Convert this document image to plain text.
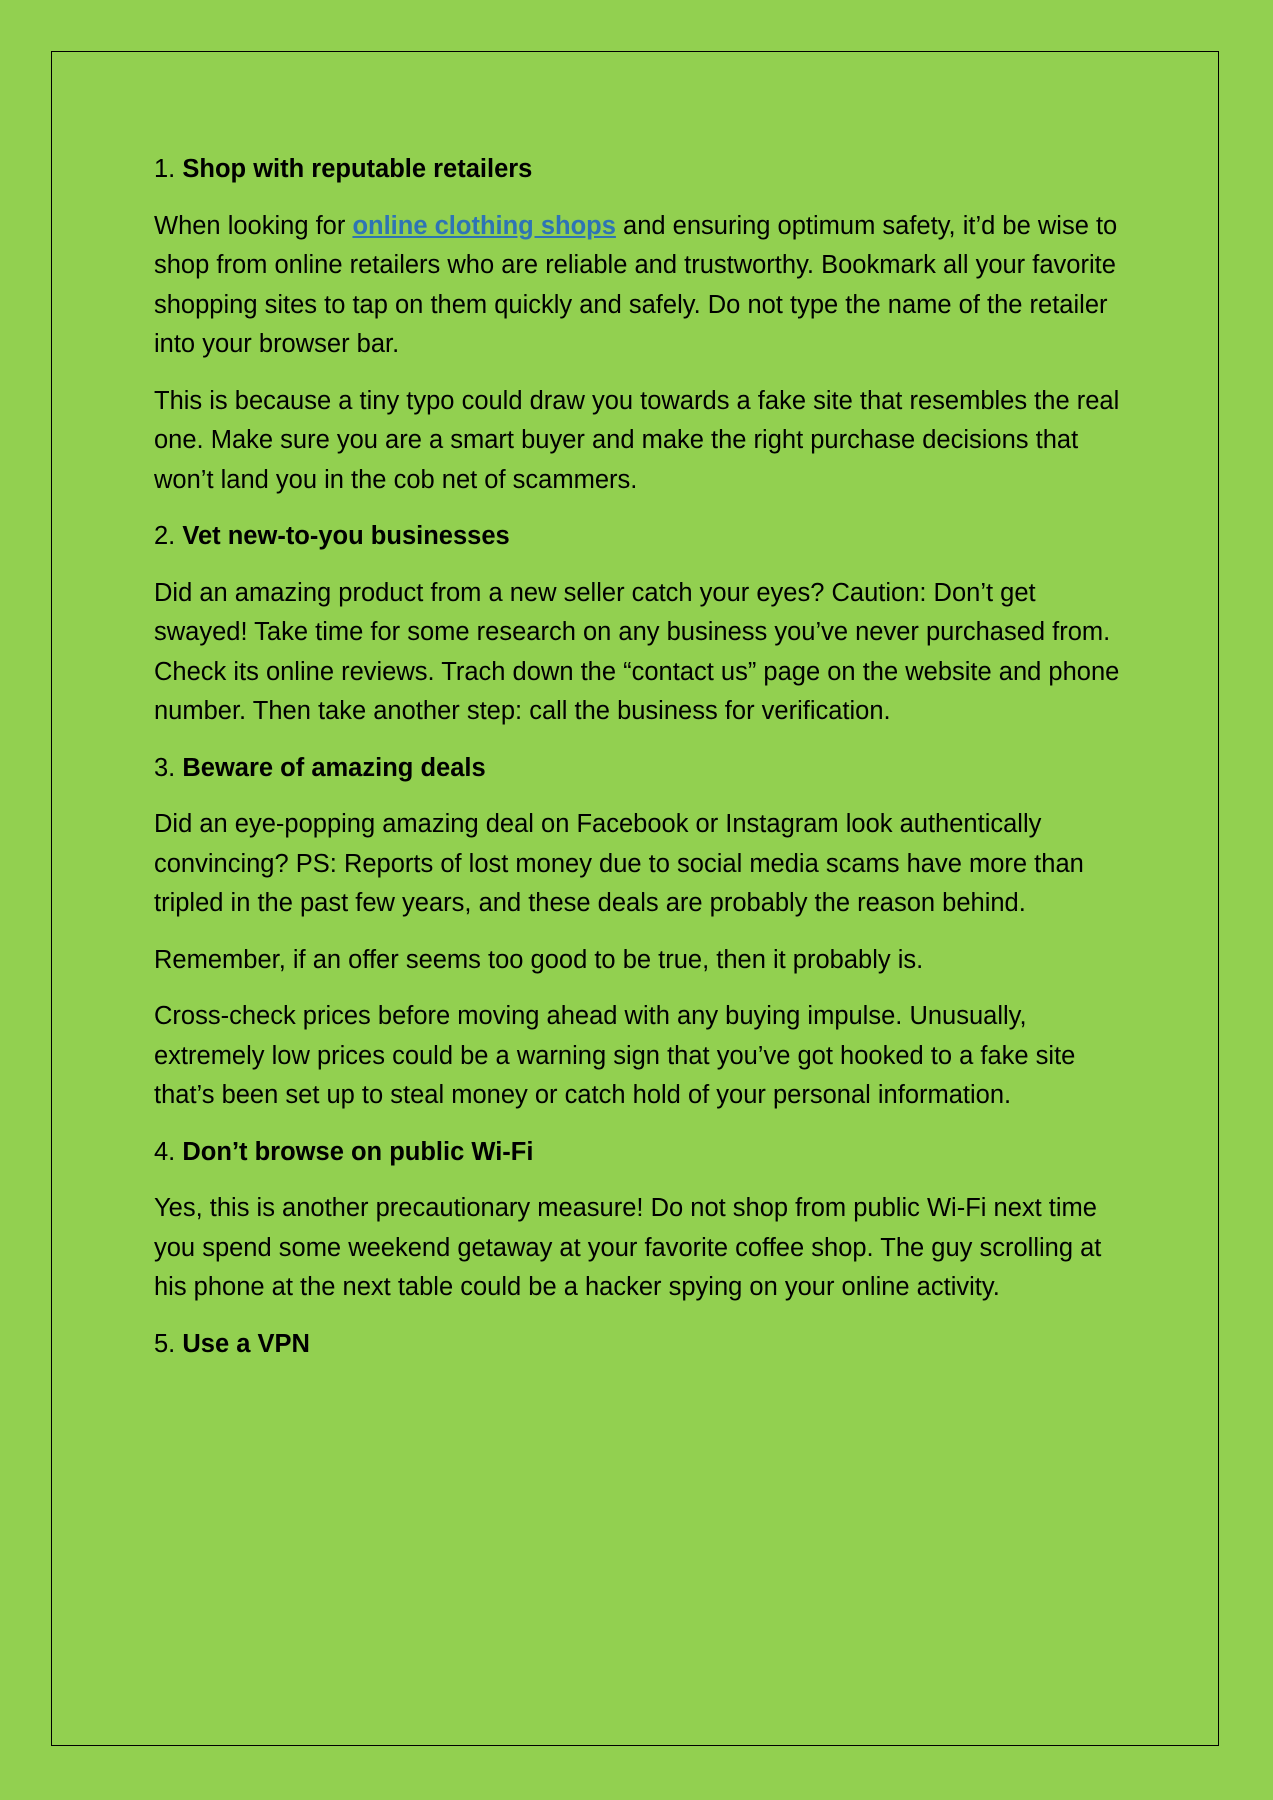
1. Shop with reputable retailers

When looking for online clothing shops and ensuring optimum safety, it’d be wise to shop from online retailers who are reliable and trustworthy. Bookmark all your favorite shopping sites to tap on them quickly and safely. Do not type the name of the retailer into your browser bar.

This is because a tiny typo could draw you towards a fake site that resembles the real one. Make sure you are a smart buyer and make the right purchase decisions that won’t land you in the cob net of scammers.

2. Vet new-to-you businesses

Did an amazing product from a new seller catch your eyes? Caution: Don’t get swayed! Take time for some research on any business you’ve never purchased from. Check its online reviews. Trach down the “contact us” page on the website and phone number. Then take another step: call the business for verification.

3. Beware of amazing deals

Did an eye-popping amazing deal on Facebook or Instagram look authentically convincing? PS: Reports of lost money due to social media scams have more than tripled in the past few years, and these deals are probably the reason behind.

Remember, if an offer seems too good to be true, then it probably is.

Cross-check prices before moving ahead with any buying impulse. Unusually, extremely low prices could be a warning sign that you’ve got hooked to a fake site that’s been set up to steal money or catch hold of your personal information.

4. Don’t browse on public Wi-Fi

Yes, this is another precautionary measure! Do not shop from public Wi-Fi next time you spend some weekend getaway at your favorite coffee shop. The guy scrolling at his phone at the next table could be a hacker spying on your online activity.

5. Use a VPN
